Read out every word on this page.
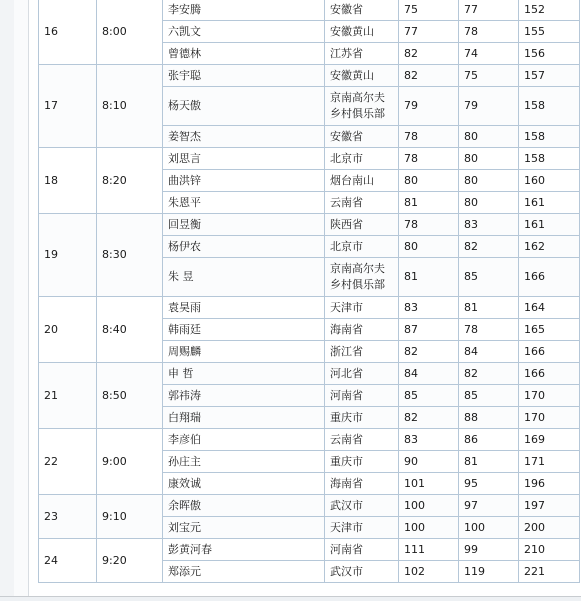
16	8:00	李安腾	安徽省	75	77	152
		六凯文	安徽黄山	77	78	155
		曾德林	江苏省	82	74	156
17	8:10	张宇聪	安徽黄山	82	75	157
		杨天傲	京南高尔夫乡村俱乐部	79	79	158
		姜智杰	安徽省	78	80	158
18	8:20	刘思言	北京市	78	80	158
		曲洪锌	烟台南山	80	80	160
		朱恩平	云南省	81	80	161
19	8:30	回昱衡	陕西省	78	83	161
		杨伊农	北京市	80	82	162
		朱 昱	京南高尔夫乡村俱乐部	81	85	166
20	8:40	袁昊雨	天津市	83	81	164
		韩雨廷	海南省	87	78	165
		周赐麟	浙江省	82	84	166
21	8:50	申 哲	河北省	84	82	166
		郭祎涛	河南省	85	85	170
		白翔瑞	重庆市	82	88	170
22	9:00	李彦伯	云南省	83	86	169
		孙庄主	重庆市	90	81	171
		康效诚	海南省	101	95	196
23	9:10	余晖傲	武汉市	100	97	197
		刘宝元	天津市	100	100	200
24	9:20	彭黄河春	河南省	111	99	210
		郑添元	武汉市	102	119	221
